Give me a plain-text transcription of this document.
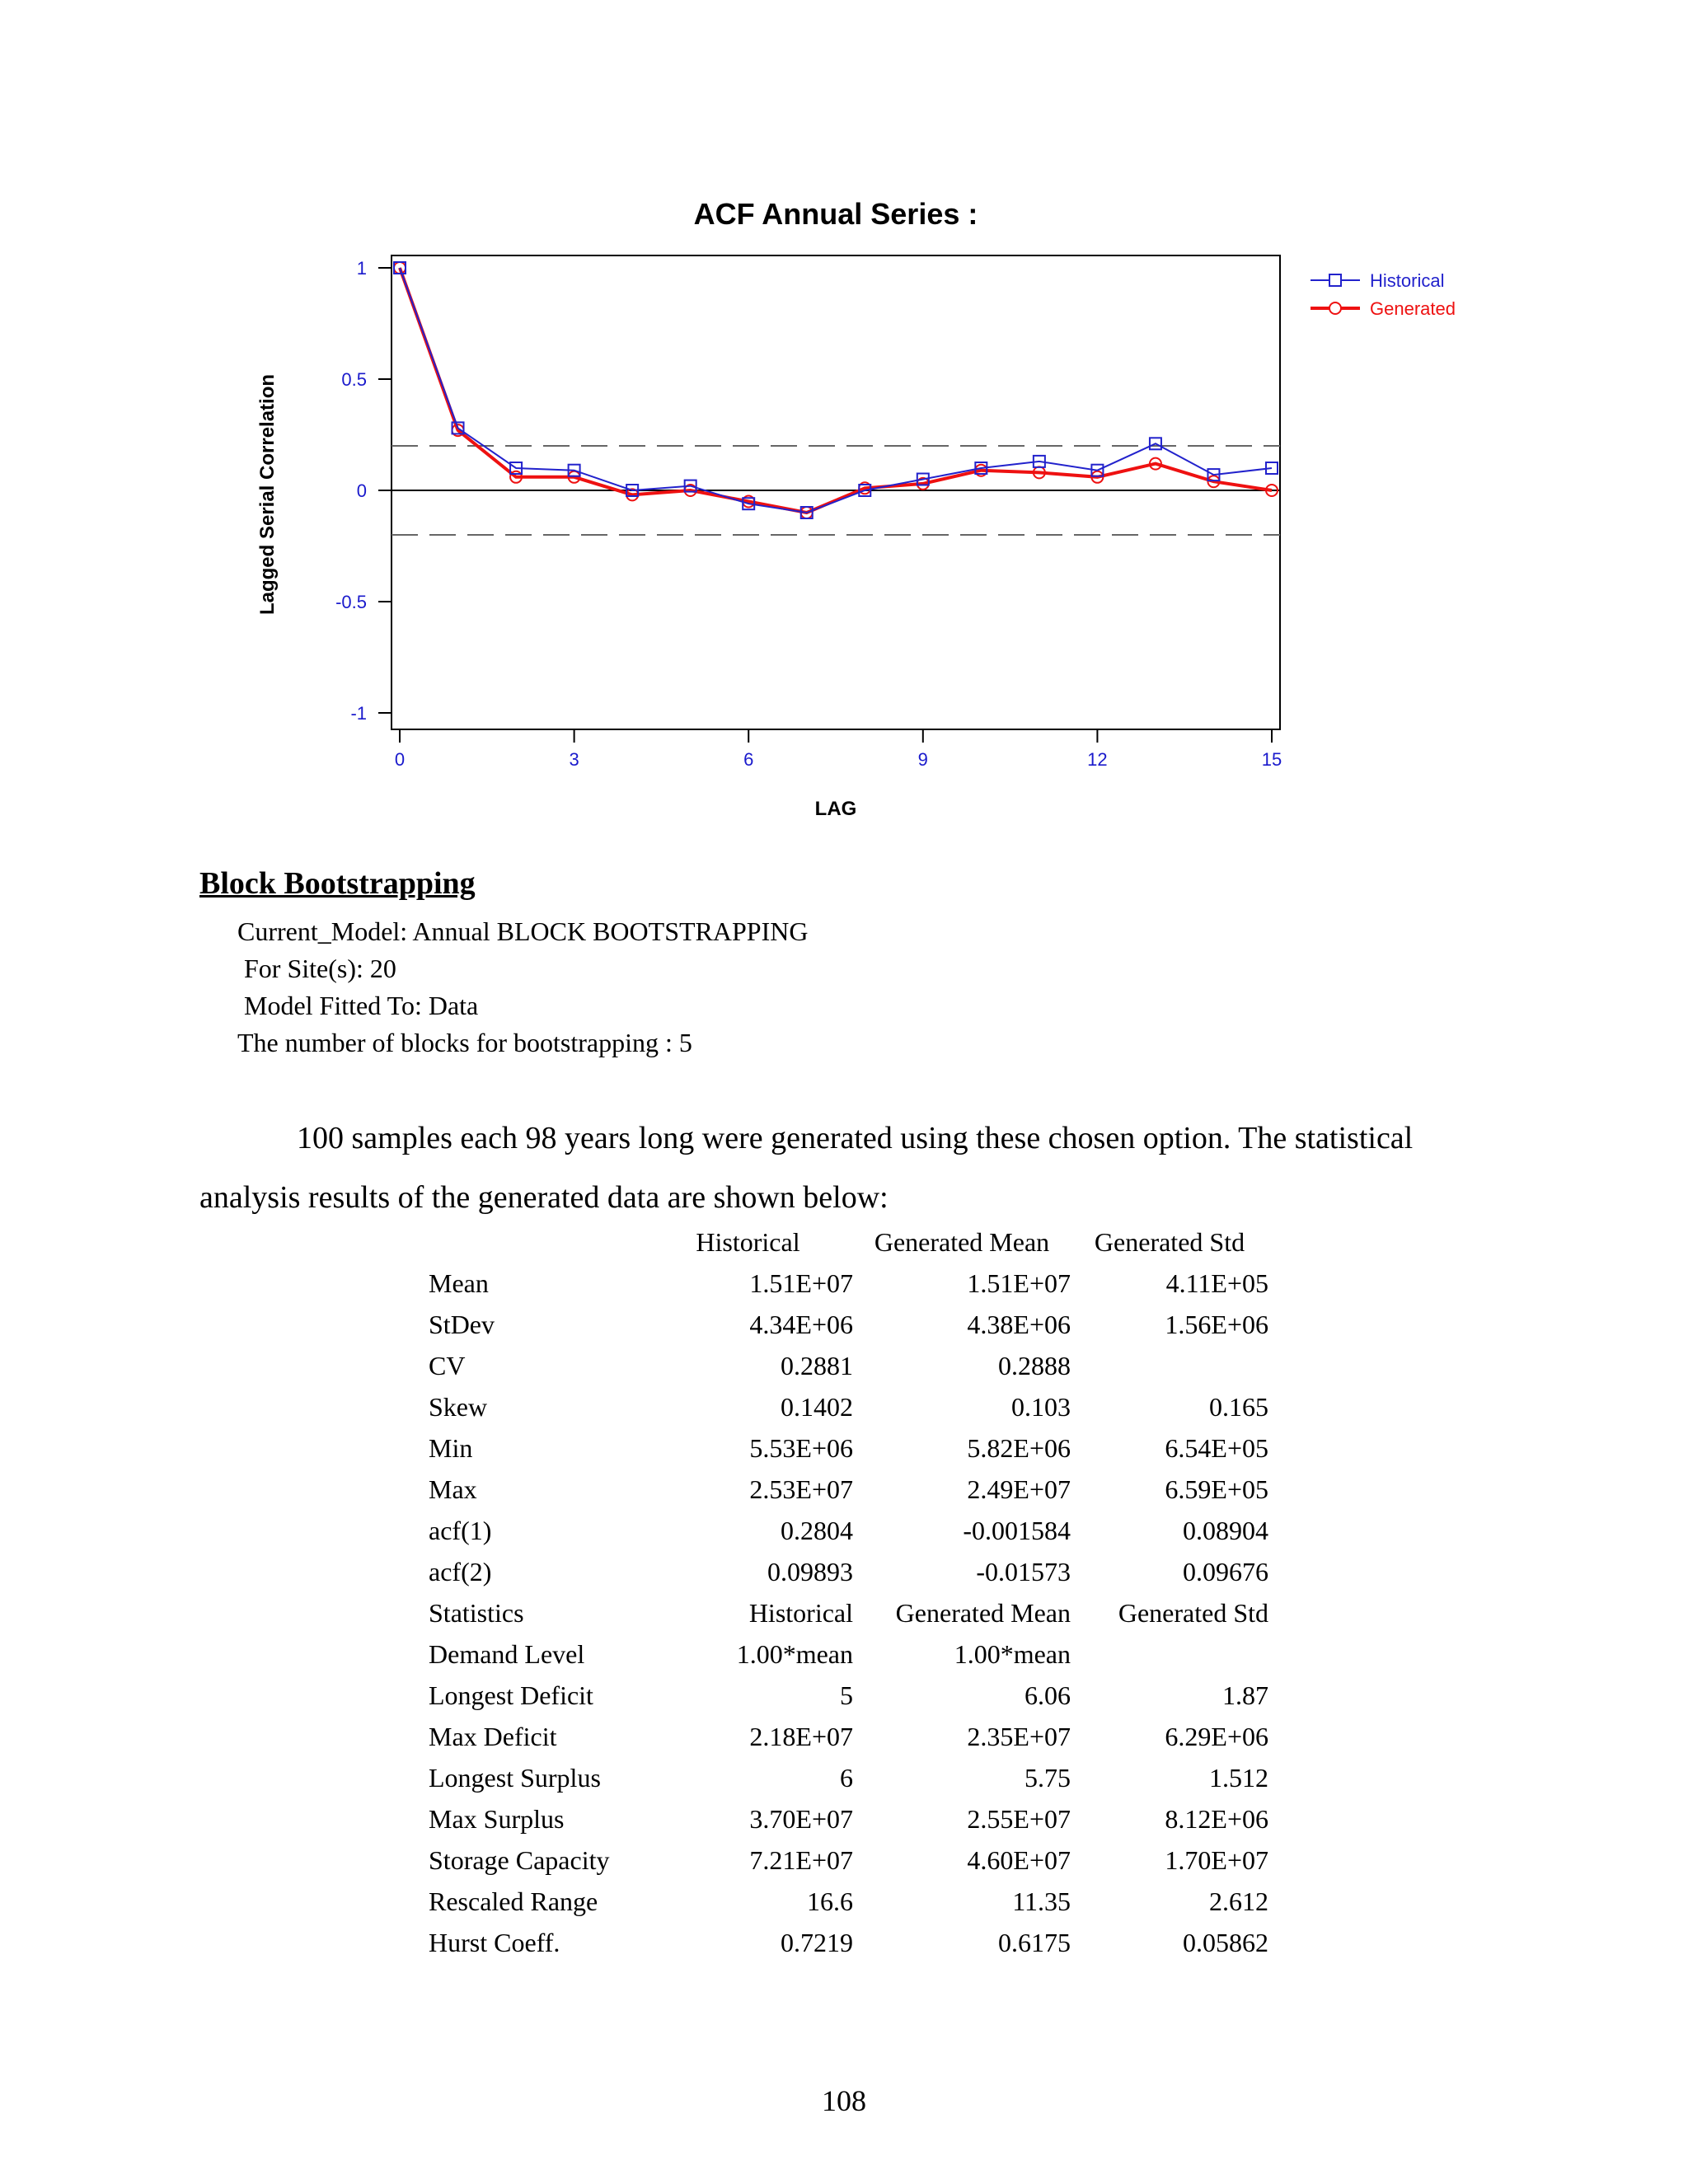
ACF Annual Series :
Lagged Serial Correlation
LAG
-1
-0.5
0
0.5
1
0	3	6	9	12	15
Historical
Generated
Block Bootstrapping
Current_Model: Annual BLOCK BOOTSTRAPPING
For Site(s): 20
Model Fitted To: Data
The number of blocks for bootstrapping : 5

100 samples each 98 years long were generated using these chosen option. The statistical analysis results of the generated data are shown below:

	Historical	Generated Mean	Generated Std
Mean	1.51E+07	1.51E+07	4.11E+05
StDev	4.34E+06	4.38E+06	1.56E+06
CV	0.2881	0.2888	
Skew	0.1402	0.103	0.165
Min	5.53E+06	5.82E+06	6.54E+05
Max	2.53E+07	2.49E+07	6.59E+05
acf(1)	0.2804	-0.001584	0.08904
acf(2)	0.09893	-0.01573	0.09676
Statistics	Historical	Generated Mean	Generated Std
Demand Level	1.00*mean	1.00*mean	
Longest Deficit	5	6.06	1.87
Max Deficit	2.18E+07	2.35E+07	6.29E+06
Longest Surplus	6	5.75	1.512
Max Surplus	3.70E+07	2.55E+07	8.12E+06
Storage Capacity	7.21E+07	4.60E+07	1.70E+07
Rescaled Range	16.6	11.35	2.612
Hurst Coeff.	0.7219	0.6175	0.05862
108
